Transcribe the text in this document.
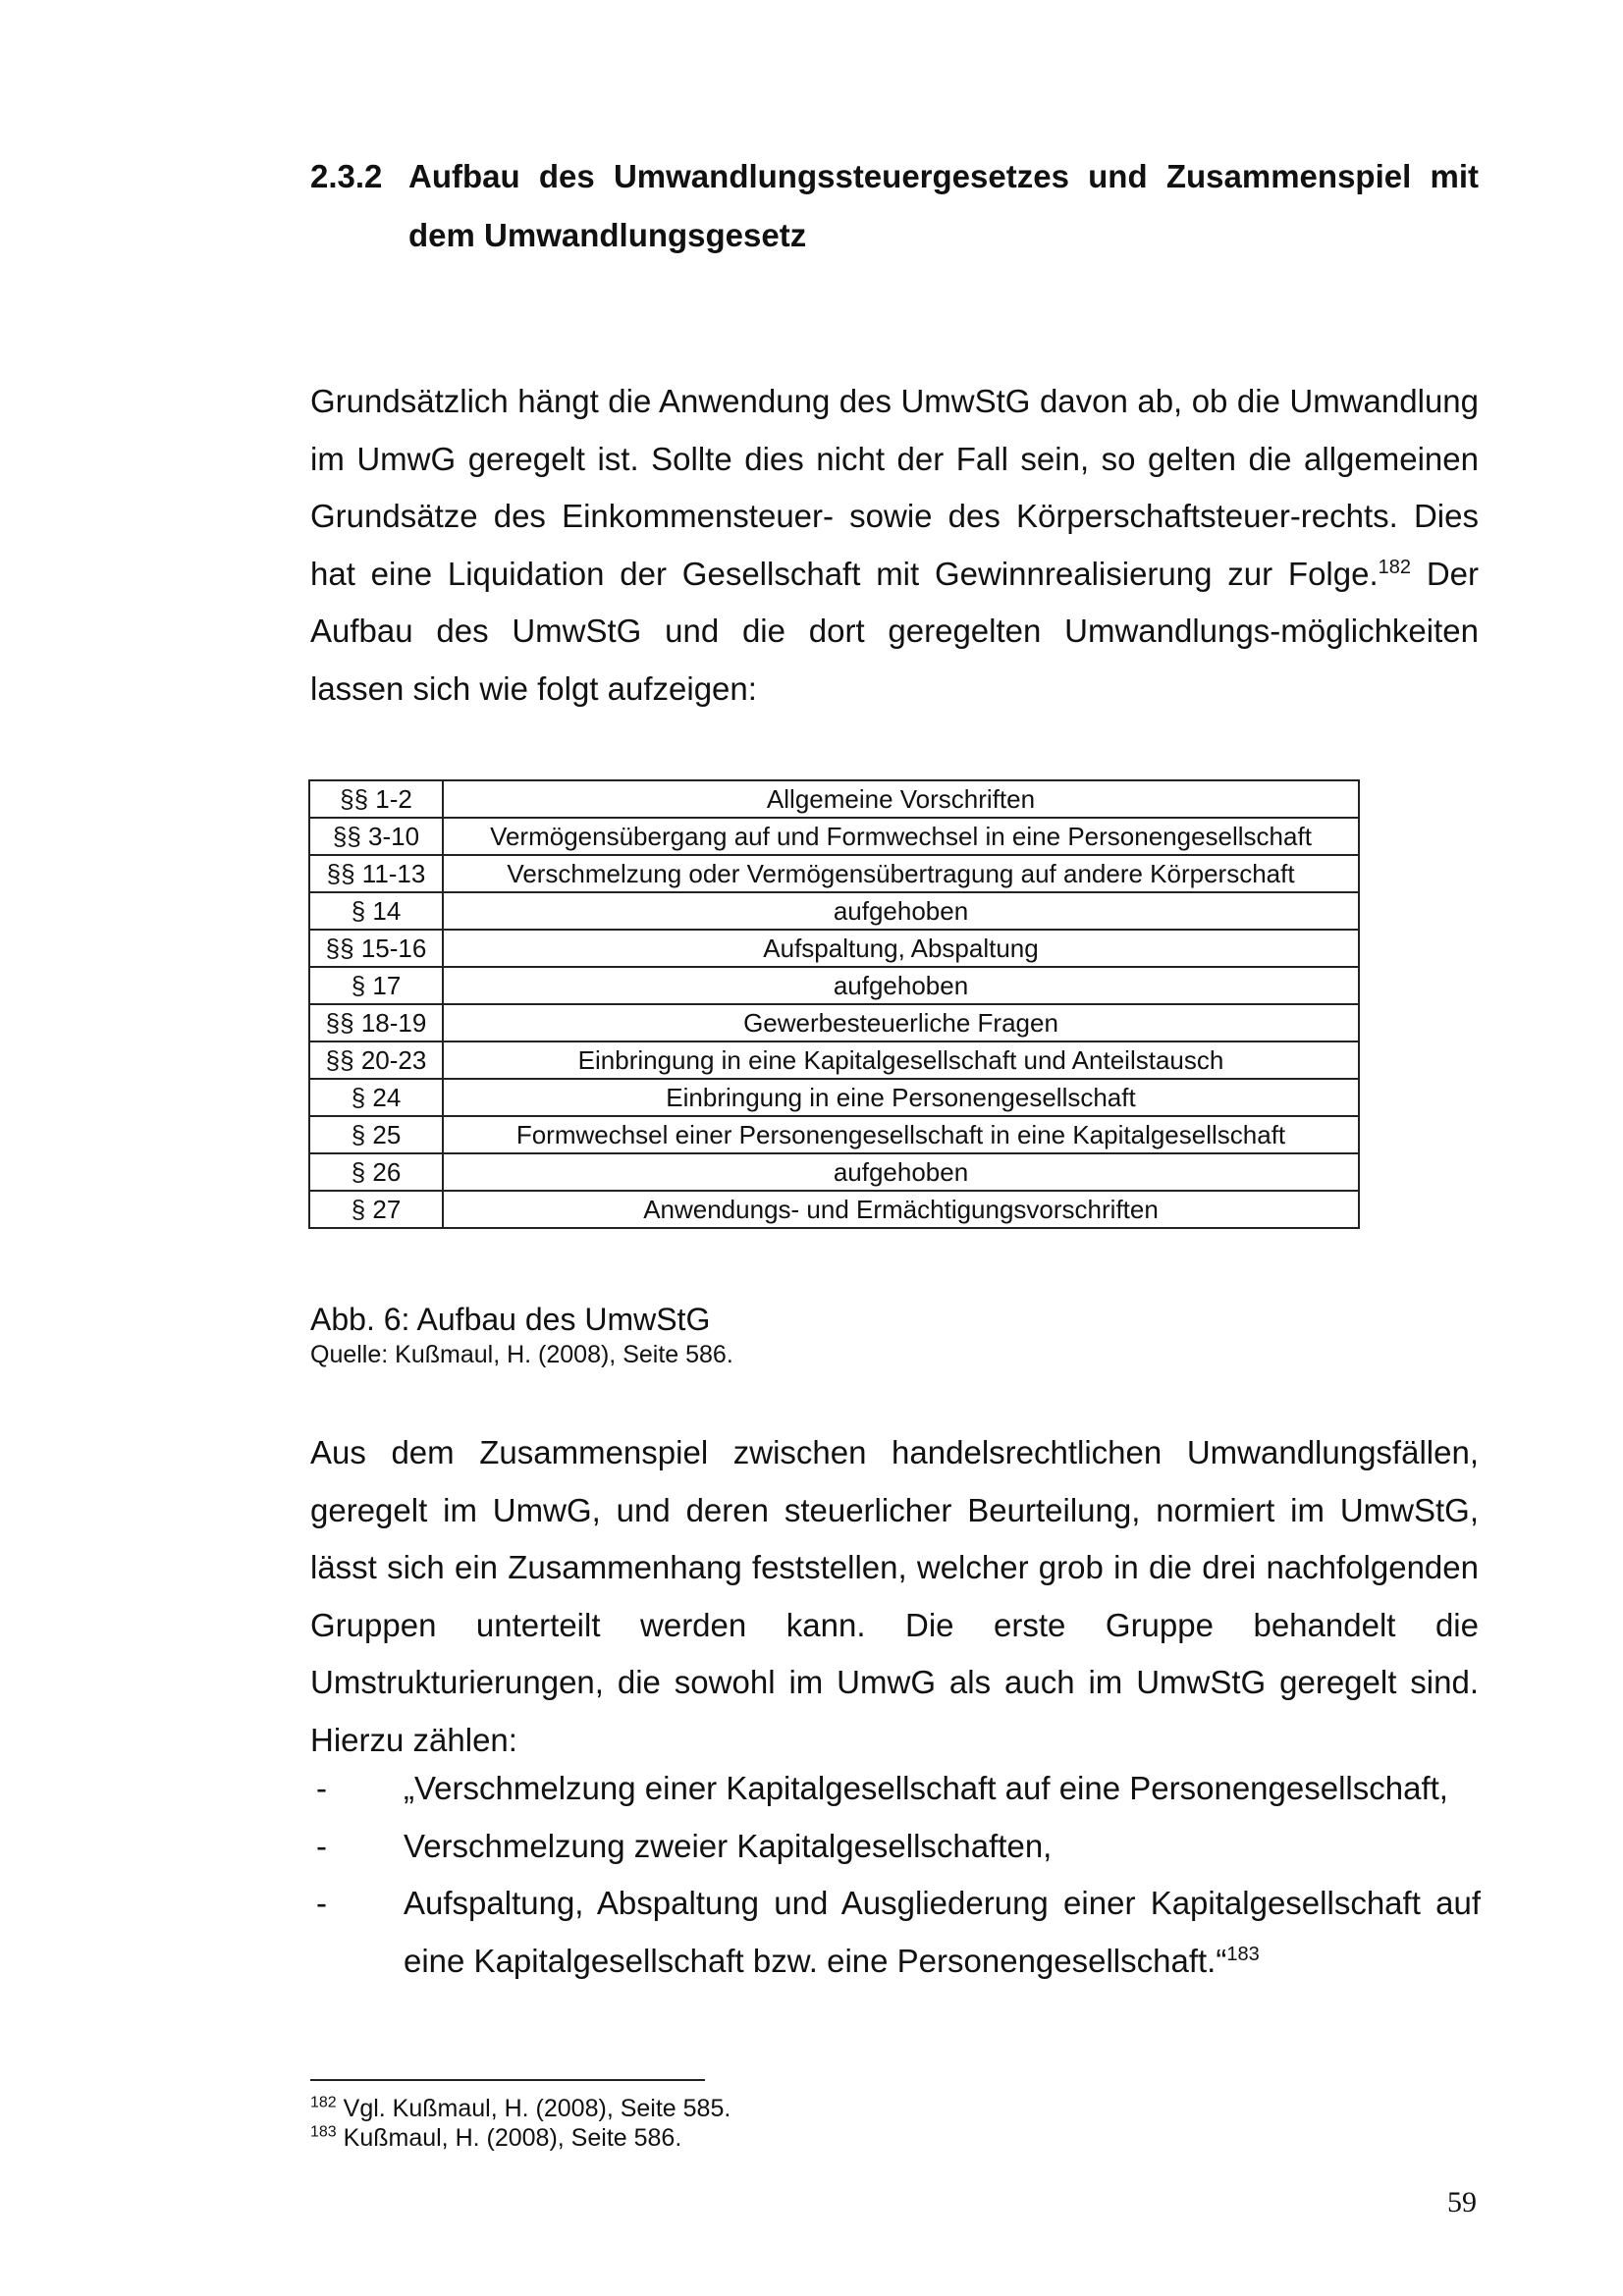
2.3.2 Aufbau des Umwandlungssteuergesetzes und Zusammenspiel mit dem Umwandlungsgesetz

Grundsätzlich hängt die Anwendung des UmwStG davon ab, ob die Umwandlung im UmwG geregelt ist. Sollte dies nicht der Fall sein, so gelten die allgemeinen Grundsätze des Einkommensteuer- sowie des Körperschaftsteuer-rechts. Dies hat eine Liquidation der Gesellschaft mit Gewinnrealisierung zur Folge.$^{182}$ Der Aufbau des UmwStG und die dort geregelten Umwandlungs-möglichkeiten lassen sich wie folgt aufzeigen:

§§ 1-2	Allgemeine Vorschriften
§§ 3-10	Vermögensübergang auf und Formwechsel in eine Personengesellschaft
§§ 11-13	Verschmelzung oder Vermögensübertragung auf andere Körperschaft
§ 14	aufgehoben
§§ 15-16	Aufspaltung, Abspaltung
§ 17	aufgehoben
§§ 18-19	Gewerbesteuerliche Fragen
§§ 20-23	Einbringung in eine Kapitalgesellschaft und Anteilstausch
§ 24	Einbringung in eine Personengesellschaft
§ 25	Formwechsel einer Personengesellschaft in eine Kapitalgesellschaft
§ 26	aufgehoben
§ 27	Anwendungs- und Ermächtigungsvorschriften
Abb. 6: Aufbau des UmwStG
Quelle: Kußmaul, H. (2008), Seite 586.

Aus dem Zusammenspiel zwischen handelsrechtlichen Umwandlungsfällen, geregelt im UmwG, und deren steuerlicher Beurteilung, normiert im UmwStG, lässt sich ein Zusammenhang feststellen, welcher grob in die drei nachfolgenden Gruppen unterteilt werden kann. Die erste Gruppe behandelt die Umstrukturierungen, die sowohl im UmwG als auch im UmwStG geregelt sind. Hierzu zählen:

- „Verschmelzung einer Kapitalgesellschaft auf eine Personengesellschaft,
- Verschmelzung zweier Kapitalgesellschaften,
- Aufspaltung, Abspaltung und Ausgliederung einer Kapitalgesellschaft auf eine Kapitalgesellschaft bzw. eine Personengesellschaft.“$^{183}$
$^{182}$ Vgl. Kußmaul, H. (2008), Seite 585.
$^{183}$ Kußmaul, H. (2008), Seite 586.
59
